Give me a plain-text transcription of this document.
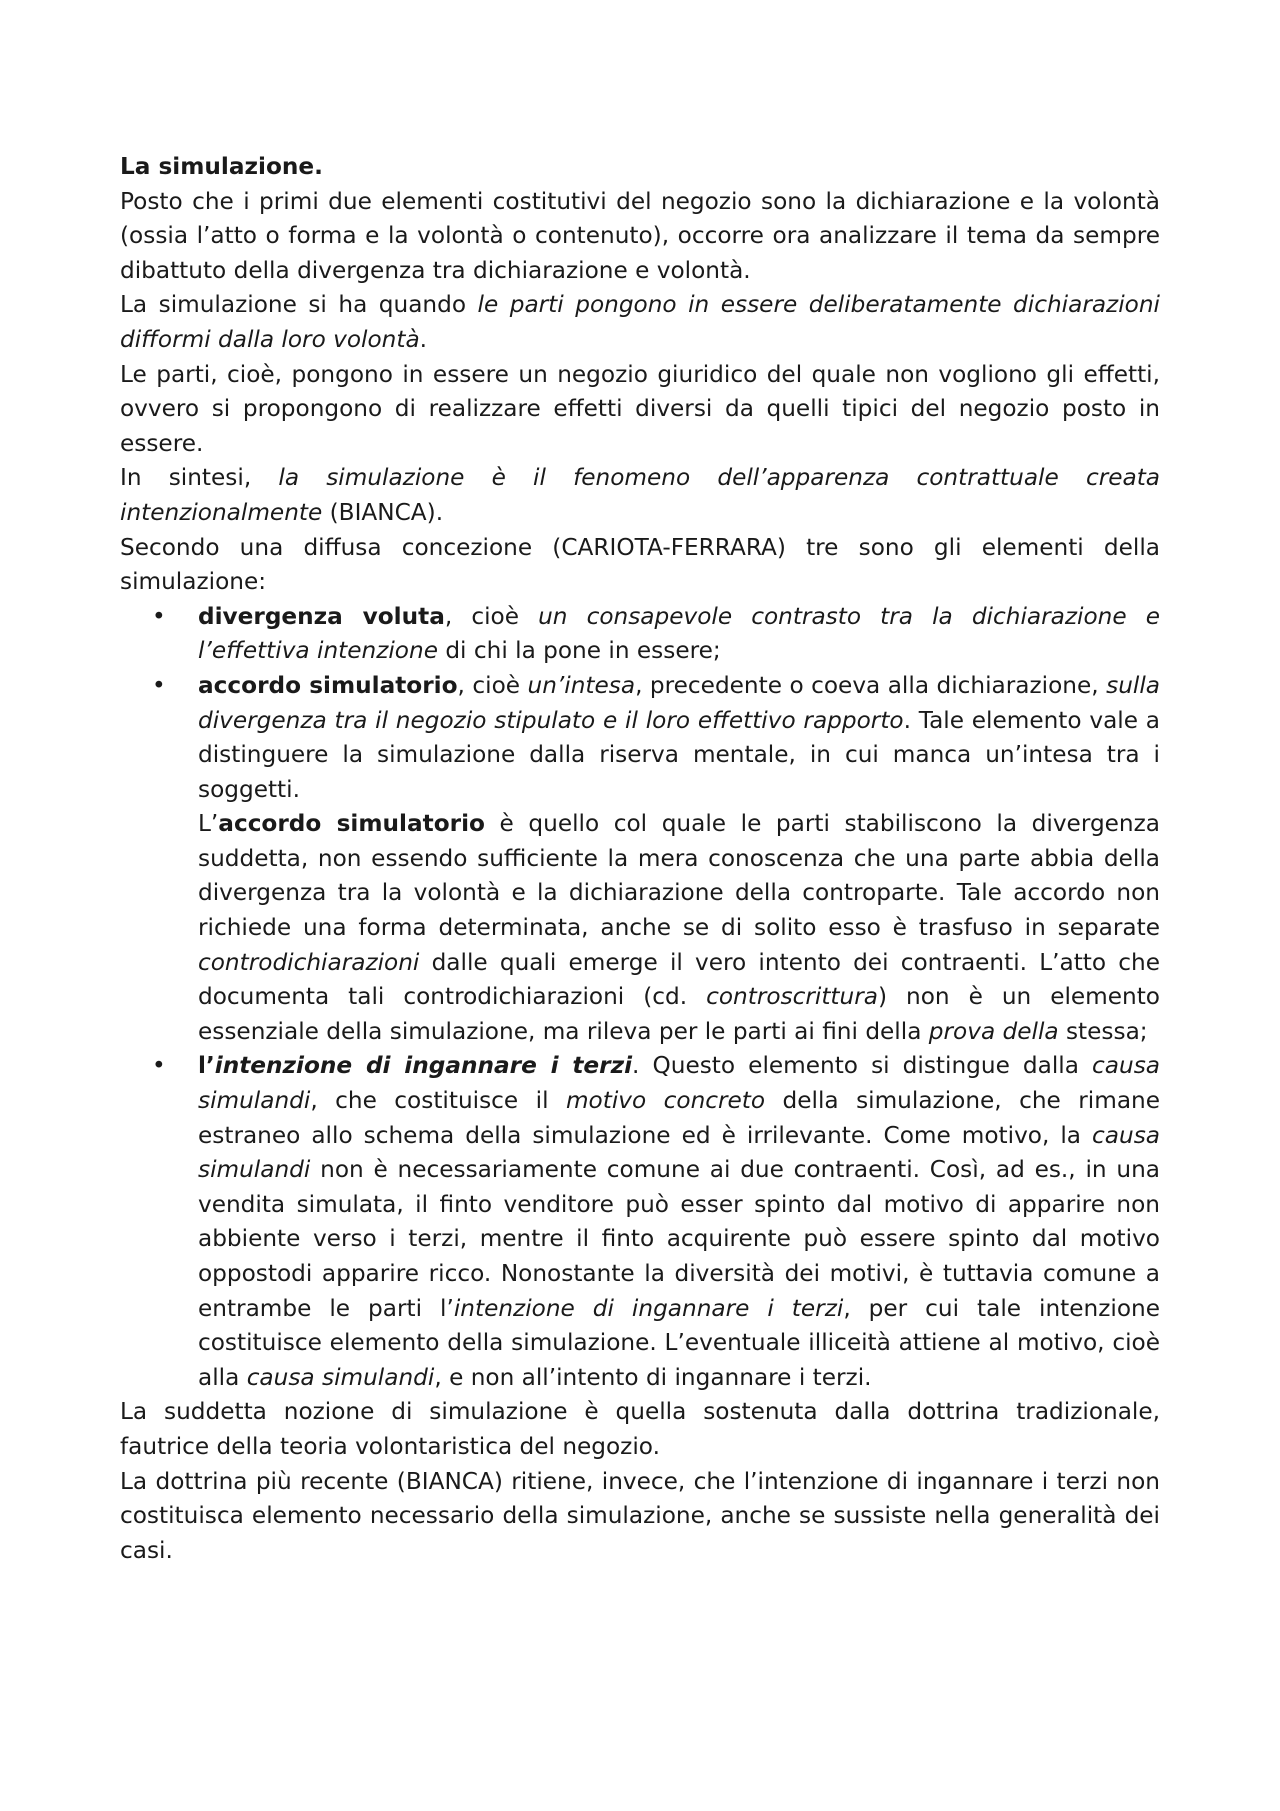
La simulazione.

Posto che i primi due elementi costitutivi del negozio sono la dichiarazione e la volontà (ossia l’atto o forma e la volontà o contenuto), occorre ora analizzare il tema da sempre dibattuto della divergenza tra dichiarazione e volontà.

La simulazione si ha quando le parti pongono in essere deliberatamente dichiarazioni difformi dalla loro volontà.

Le parti, cioè, pongono in essere un negozio giuridico del quale non vogliono gli effetti, ovvero si propongono di realizzare effetti diversi da quelli tipici del negozio posto in essere.

In sintesi, la simulazione è il fenomeno dell’apparenza contrattuale creata intenzionalmente (BIANCA).

Secondo una diffusa concezione (CARIOTA-FERRARA) tre sono gli elementi della simulazione:

• divergenza voluta, cioè un consapevole contrasto tra la dichiarazione e l’effettiva intenzione di chi la pone in essere;
• accordo simulatorio, cioè un’intesa, precedente o coeva alla dichiarazione, sulla divergenza tra il negozio stipulato e il loro effettivo rapporto. Tale elemento vale a distinguere la simulazione dalla riserva mentale, in cui manca un’intesa tra i soggetti.

L’accordo simulatorio è quello col quale le parti stabiliscono la divergenza suddetta, non essendo sufficiente la mera conoscenza che una parte abbia della divergenza tra la volontà e la dichiarazione della controparte. Tale accordo non richiede una forma determinata, anche se di solito esso è trasfuso in separate controdichiarazioni dalle quali emerge il vero intento dei contraenti. L’atto che documenta tali controdichiarazioni (cd. controscrittura) non è un elemento essenziale della simulazione, ma rileva per le parti ai fini della prova della stessa;

• l’intenzione di ingannare i terzi. Questo elemento si distingue dalla causa simulandi, che costituisce il motivo concreto della simulazione, che rimane estraneo allo schema della simulazione ed è irrilevante. Come motivo, la causa simulandi non è necessariamente comune ai due contraenti. Così, ad es., in una vendita simulata, il finto venditore può esser spinto dal motivo di apparire non abbiente verso i terzi, mentre il finto acquirente può essere spinto dal motivo oppostodi apparire ricco. Nonostante la diversità dei motivi, è tuttavia comune a entrambe le parti l’intenzione di ingannare i terzi, per cui tale intenzione costituisce elemento della simulazione. L’eventuale illiceità attiene al motivo, cioè alla causa simulandi, e non all’intento di ingannare i terzi.

La suddetta nozione di simulazione è quella sostenuta dalla dottrina tradizionale, fautrice della teoria volontaristica del negozio.

La dottrina più recente (BIANCA) ritiene, invece, che l’intenzione di ingannare i terzi non costituisca elemento necessario della simulazione, anche se sussiste nella generalità dei casi.
